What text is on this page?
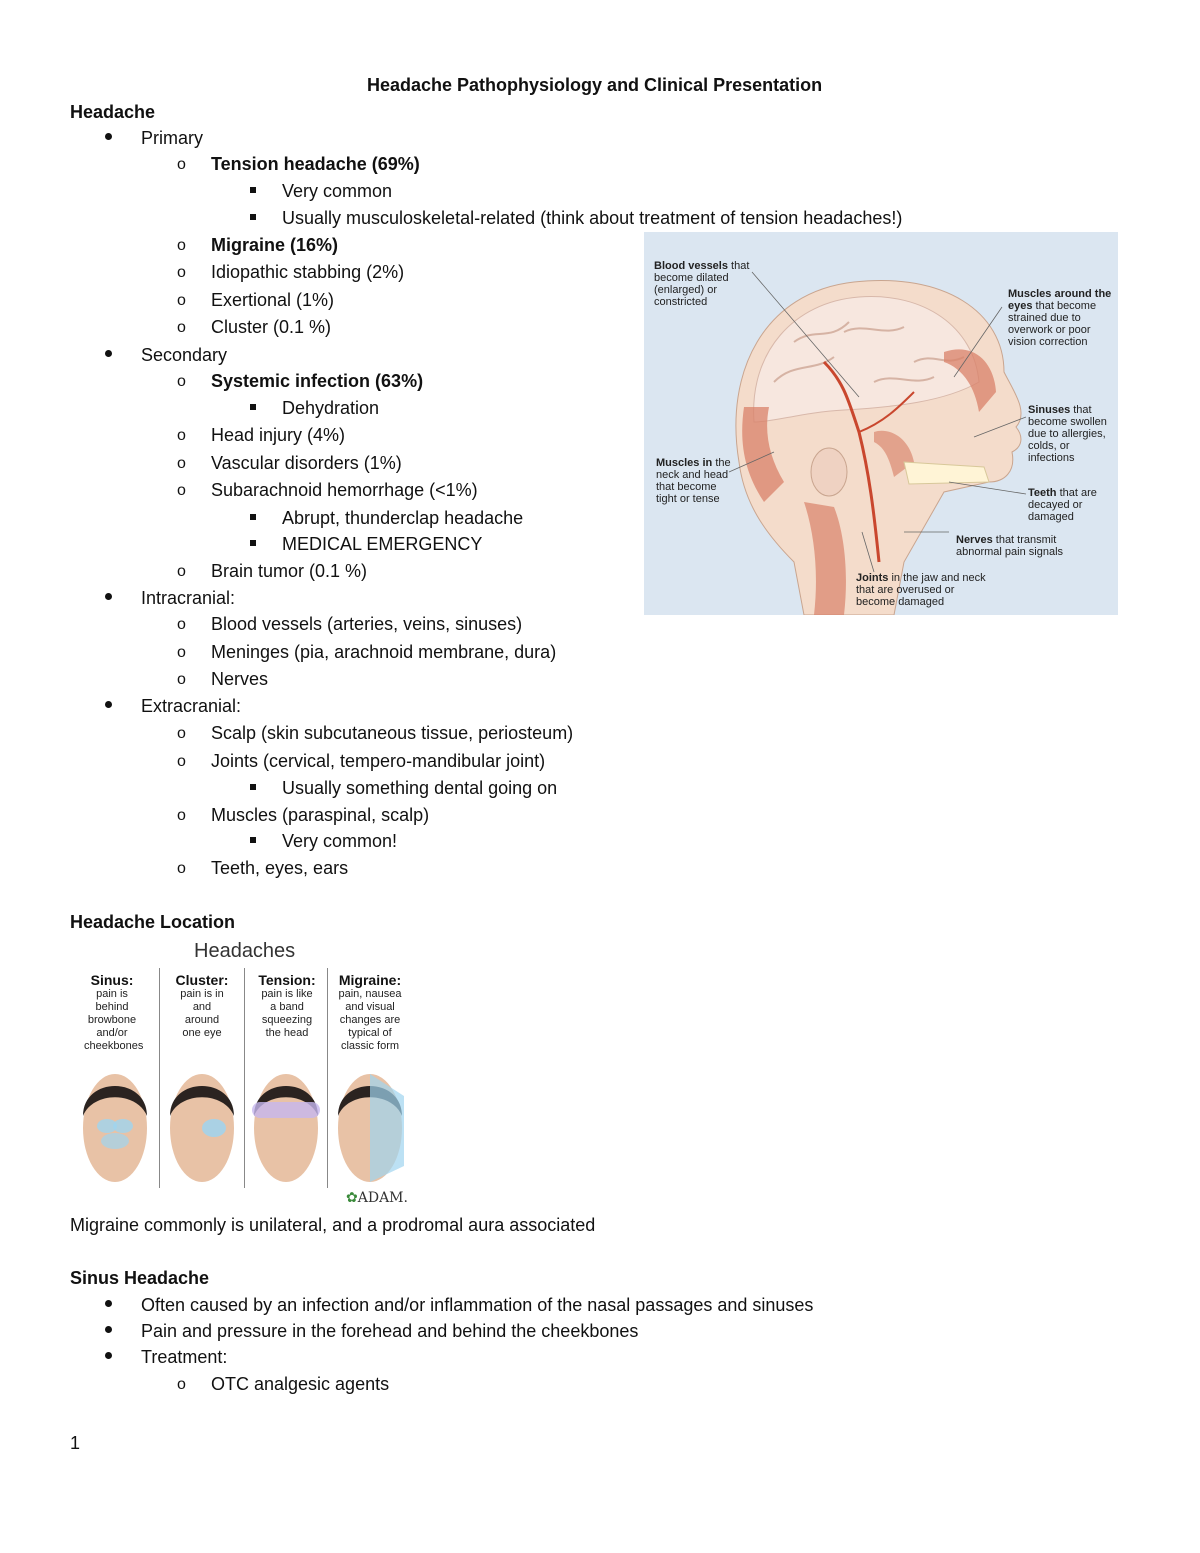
Headache Pathophysiology and Clinical Presentation
Headache
Primary
o Tension headache (69%)
Very common
Usually musculoskeletal-related (think about treatment of tension headaches!)
o Migraine (16%)
o Idiopathic stabbing (2%)
o Exertional (1%)
o Cluster (0.1 %)
Secondary
o Systemic infection (63%)
Dehydration
o Head injury (4%)
o Vascular disorders (1%)
o Subarachnoid hemorrhage (<1%)
Abrupt, thunderclap headache
MEDICAL EMERGENCY
o Brain tumor (0.1 %)
Intracranial:
o Blood vessels (arteries, veins, sinuses)
o Meninges (pia, arachnoid membrane, dura)
o Nerves
Extracranial:
o Scalp (skin subcutaneous tissue, periosteum)
o Joints (cervical, tempero-mandibular joint)
Usually something dental going on
o Muscles (paraspinal, scalp)
Very common!
o Teeth, eyes, ears
Blood vessels that become dilated (enlarged) or constricted
Muscles around the eyes that become strained due to overwork or poor vision correction
Sinuses that become swollen due to allergies, colds, or infections
Muscles in the neck and head that become tight or tense	Teeth that are decayed or damaged
Nerves that transmit abnormal pain signals
Joints in the jaw and neck that are overused or become damaged
Headache Location
Headaches
Sinus:
pain is behind browbone and/or cheekbones
Cluster:
pain is in and around one eye
Tension:
pain is like a band squeezing the head
Migraine:
pain, nausea and visual changes are typical of classic form
✿ADAM.
Migraine commonly is unilateral, and a prodromal aura associated
Sinus Headache
Often caused by an infection and/or inflammation of the nasal passages and sinuses
Pain and pressure in the forehead and behind the cheekbones
Treatment:
o OTC analgesic agents
1
